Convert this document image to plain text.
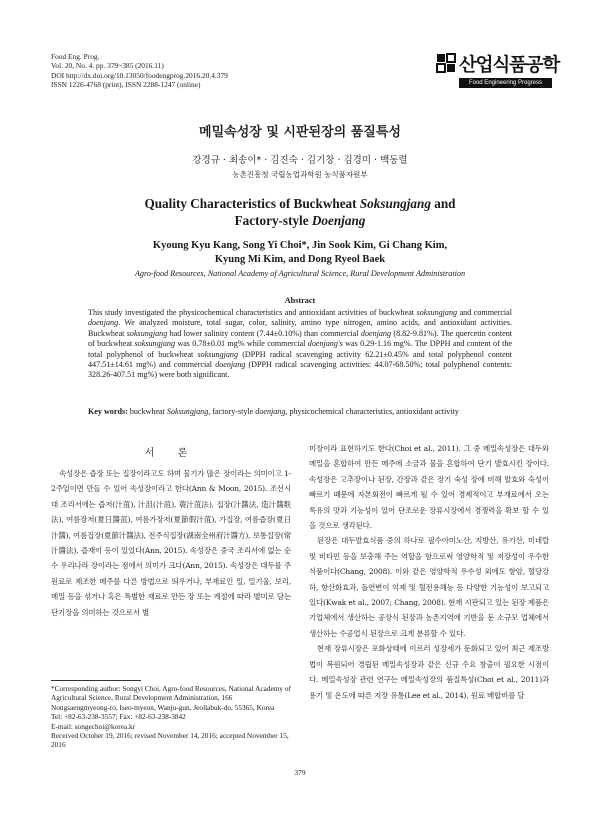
Food Eng. Prog.
Vol. 20, No. 4. pp. 379~385 (2016.11)
DOI http://dx.doi.org/10.13050/foodengprog.2016.20.4.379
ISSN 1226-4768 (print), ISSN 2288-1247 (online)
산업식품공학
Food Engineering Progress
메밀속성장 및 시판된장의 품질특성
강경규 · 최송이* · 김진숙 · 김기창 · 김경미 · 백동렬
농촌진흥청 국립농업과학원 농식품자원부
Quality Characteristics of Buckwheat Soksungjang and
Factory-style Doenjang
Kyoung Kyu Kang, Song Yi Choi*, Jin Sook Kim, Gi Chang Kim,
Kyung Mi Kim, and Dong Ryeol Baek
Agro-food Resources, National Academy of Agricultural Science, Rural Development Administration
Abstract
This study investigated the physicochemical characteristics and antioxidant activities of buckwheat soksungjang and commercial doenjang. We analyzed moisture, total sugar, color, salinity, amino type nitrogen, amino acids, and antioxidant activities. Buckwheat soksungjang had lower salinity content (7.44±0.10%) than commercial doenjang (8.82-9.81%). The quercetin content of buckwheat soksungjang was 0.78±0.01 mg% while commercial doenjang's was 0.29-1.16 mg%. The DPPH and content of the total polyphenol of buckwheat soksungjang (DPPH radical scavenging activity 62.21±0.45% and total polyphenol content 447.51±14.61 mg%) and commercial doenjang (DPPH radical scavenging activities: 44.07-68.50%; total polyphenol contents: 328.26-407.51 mg%) were both significant.
Key words: buckwheat Soksungjang, factory-style doenjang, physicochemical characteristics, antioxidant activity
서 론

속성장은 즙장 또는 집장이라고도 하며 물기가 많은 장이라는 의미이고 1-2주일이면 만들 수 있어 속성장이라고 한다(Ann & Moon, 2015). 조선시대 조리서에는 즙저(汁菹), 汁沮(汁菹), 蓑汁菹法), 집장(汁醬法, 造汁醬麩法), 여름장저(夏日醬菹), 여름가장저(夏節假汁菹), 가집장, 여름즙장(夏日汁醬), 여름집장(夏節汁醬法), 전주식집장(湖南全州府汁醬方), 보통집장(常汁醬法), 즙재이 등이 있었다(Ann, 2015). 속성장은 중국 조리서에 없는 순수 우리나라 장이라는 점에서 의미가 크다(Ann, 2015). 속성장은 대두를 주원료로 제조한 메주를 다른 방법으로 띄우거나, 부재료인 밀, 밀기울, 보리, 메밀 등을 섞거나 혹은 특별한 재료로 만든 장 또는 계절에 따라 별미로 담는 단기장을 의미하는 것으로서 별

미장이라 표현하기도 한다(Choi et al., 2011). 그 중 메밀속성장은 대두와 메밀을 혼합하여 만든 메주에 소금과 물을 혼합하여 단기 발효시킨 장이다. 속성장은 고추장이나 된장, 간장과 같은 장기 숙성 장에 비해 발효와 숙성이 빠르기 때문에 자본회전이 빠르게 될 수 있어 경제적이고 부재료에서 오는 특유의 맛과 기능성이 있어 단조로운 장류시장에서 경쟁력을 확보 할 수 있을 것으로 생각된다.

된장은 대두발효식품 중의 하나로 필수아미노산, 지방산, 유기산, 미네랄 및 비타민 등을 보충해 주는 역할을 함으로써 영양학적 및 저장성이 우수한 식품이다(Chang, 2008). 이와 같은 영양학적 우수성 외에도 항암, 혈당강하, 항산화효과, 돌연변이 억제 및 혈전용해능 등 다양한 기능성이 보고되고 있다(Kwak et al., 2007; Chang, 2008). 현재 시판되고 있는 된장 제품은 기업체에서 생산하는 공장식 된장과 농촌지역에 기반을 둔 소규모 업체에서 생산하는 수공업식 된장으로 크게 분류할 수 있다.

현재 장류시장은 포화상태에 이르러 성장세가 둔화되고 있어 최근 제조방법이 복원되어 경립된 메밀속성장과 같은 신규 수요 창출이 필요한 시점이다. 메밀속성장 관련 연구는 메밀속성장의 품질특성(Choi et al., 2011)과 용기 및 온도에 따른 저장 유통(Lee et al., 2014), 원료 배합비를 달

*Corresponding author: Songyi Choi, Agro-food Resources, National Academy of Agricultural Science, Rural Development Administration, 166 Nongsaengmyeong-ro, Iseo-myeon, Wanju-gun, Jeollabuk-do, 55365, Korea
Tel: +82-63-238-3557; Fax: +82-63-238-3842
E-mail: songechoi@korea.kr
Received October 19, 2016; revised November 14, 2016; accepted November 15, 2016
379
